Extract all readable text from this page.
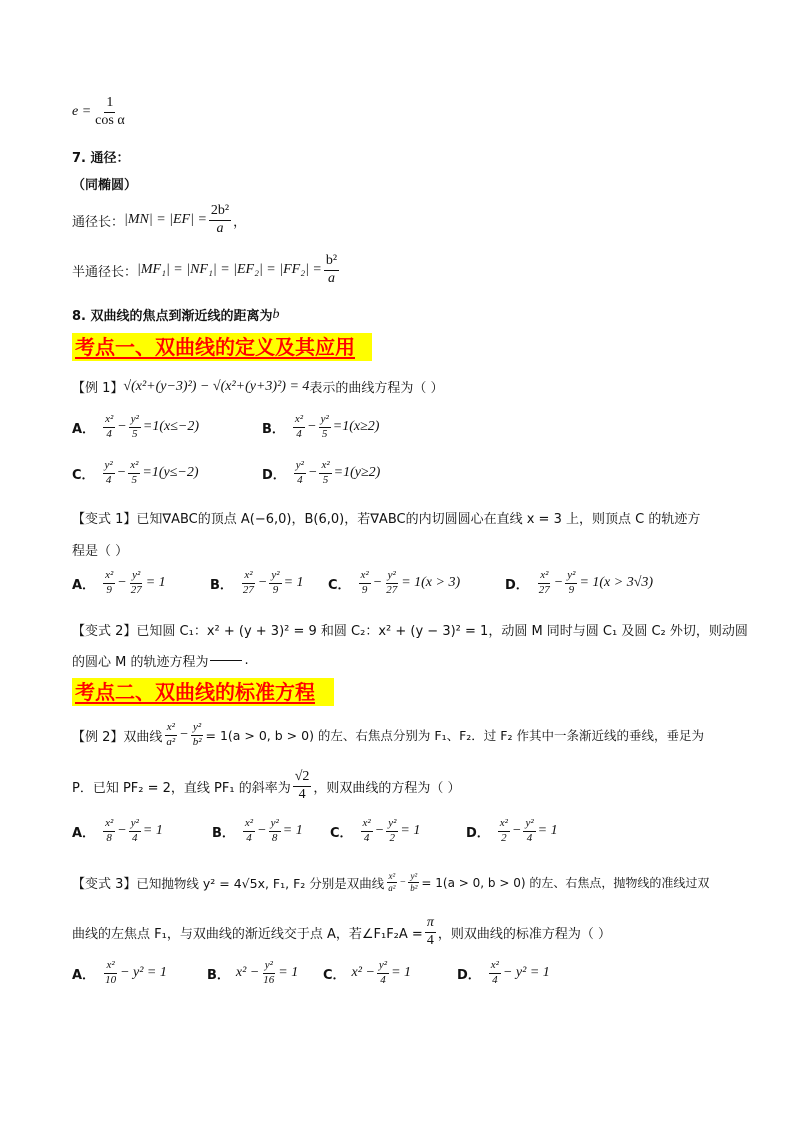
$e = \frac{1}{\text{cos α}}$
7. 通径：
（同椭圆）
通径长： $|MN| = |EF| = \frac{\text{2b²}}{a}$ ，
半通径长： $|MF_1| = |NF_1| = |EF_2| = |FF_2| = \frac{\text{b²}}{a}$
8. 双曲线的焦点到渐近线的距离为 b
考点一、双曲线的定义及其应用
【例 1】 √(x²+(y−3)²) − √(x²+(y+3)²) = 4 表示的曲线方程为（ ）
A． $\frac{\text{x²}}{4} - \frac{\text{y²}}{5} =1(x\le-2)$	B． $\frac{\text{x²}}{4} - \frac{\text{y²}}{5} =1(x\ge 2)$
C． $\frac{\text{y²}}{4} - \frac{\text{x²}}{5} =1(y\le-2)$	D． $\frac{\text{y²}}{4} - \frac{\text{x²}}{5} =1(y\ge 2)$
【变式 1】已知∇ABC的顶点 A(−6,0)，B(6,0)，若∇ABC的内切圆圆心在直线 x = 3 上，则顶点 C 的轨迹方
程是（ ）
A． $\frac{\text{x²}}{9} - \frac{\text{y²}}{27} = 1$	B． $\frac{\text{x²}}{27} - \frac{\text{y²}}{9} = 1$ C． $\frac{\text{x²}}{9} - \frac{\text{y²}}{27} = 1(x > 3)$	D． $\frac{\text{x²}}{27} - \frac{\text{y²}}{9} = 1(x > 3√3)$
【变式 2】已知圆 C₁：x² + (y + 3)² = 9 和圆 C₂：x² + (y − 3)² = 1，动圆 M 同时与圆 C₁ 及圆 C₂ 外切，则动圆
的圆心 M 的轨迹方程为	.
考点二、双曲线的标准方程
【例 2】 双曲线 $\frac{\text{x²}}{\text{a²}} - \frac{\text{y²}}{\text{b²}} = 1(a > 0$, b > 0) 的左、右焦点分别为 F₁、F₂．过 F₂ 作其中一条渐近线的垂线，垂足为
P．已知 PF₂ = 2，直线 PF₁ 的斜率为 $\frac{√2}{4}$ ，则双曲线的方程为（ ）
A． $\frac{\text{x²}}{8} - \frac{\text{y²}}{4} = 1$	B． $\frac{\text{x²}}{4} - \frac{\text{y²}}{8} = 1$ C． $\frac{\text{x²}}{4} - \frac{\text{y²}}{2} = 1$	D． $\frac{\text{x²}}{2} - \frac{\text{y²}}{4} = 1$
【变式 3】 已知抛物线 y² = 4√5x, F₁, F₂ 分别是双曲线 $\frac{\text{x²}}{\text{a²}} - \frac{\text{y²}}{\text{b²}} = 1(a > 0$, b > 0) 的左、右焦点，抛物线的准线过双
曲线的左焦点 F₁，与双曲线的渐近线交于点 A，若∠F₁F₂A = $\frac{\pi}{4}$ ，则双曲线的标准方程为（ ）
A． $\frac{\text{x²}}{10} - y^2 = 1$	B． $x^2 - \frac{\text{y²}}{16} = 1$ C． $x^2 - \frac{\text{y²}}{4} = 1$	D． $\frac{\text{x²}}{4} - y^2 = 1$
